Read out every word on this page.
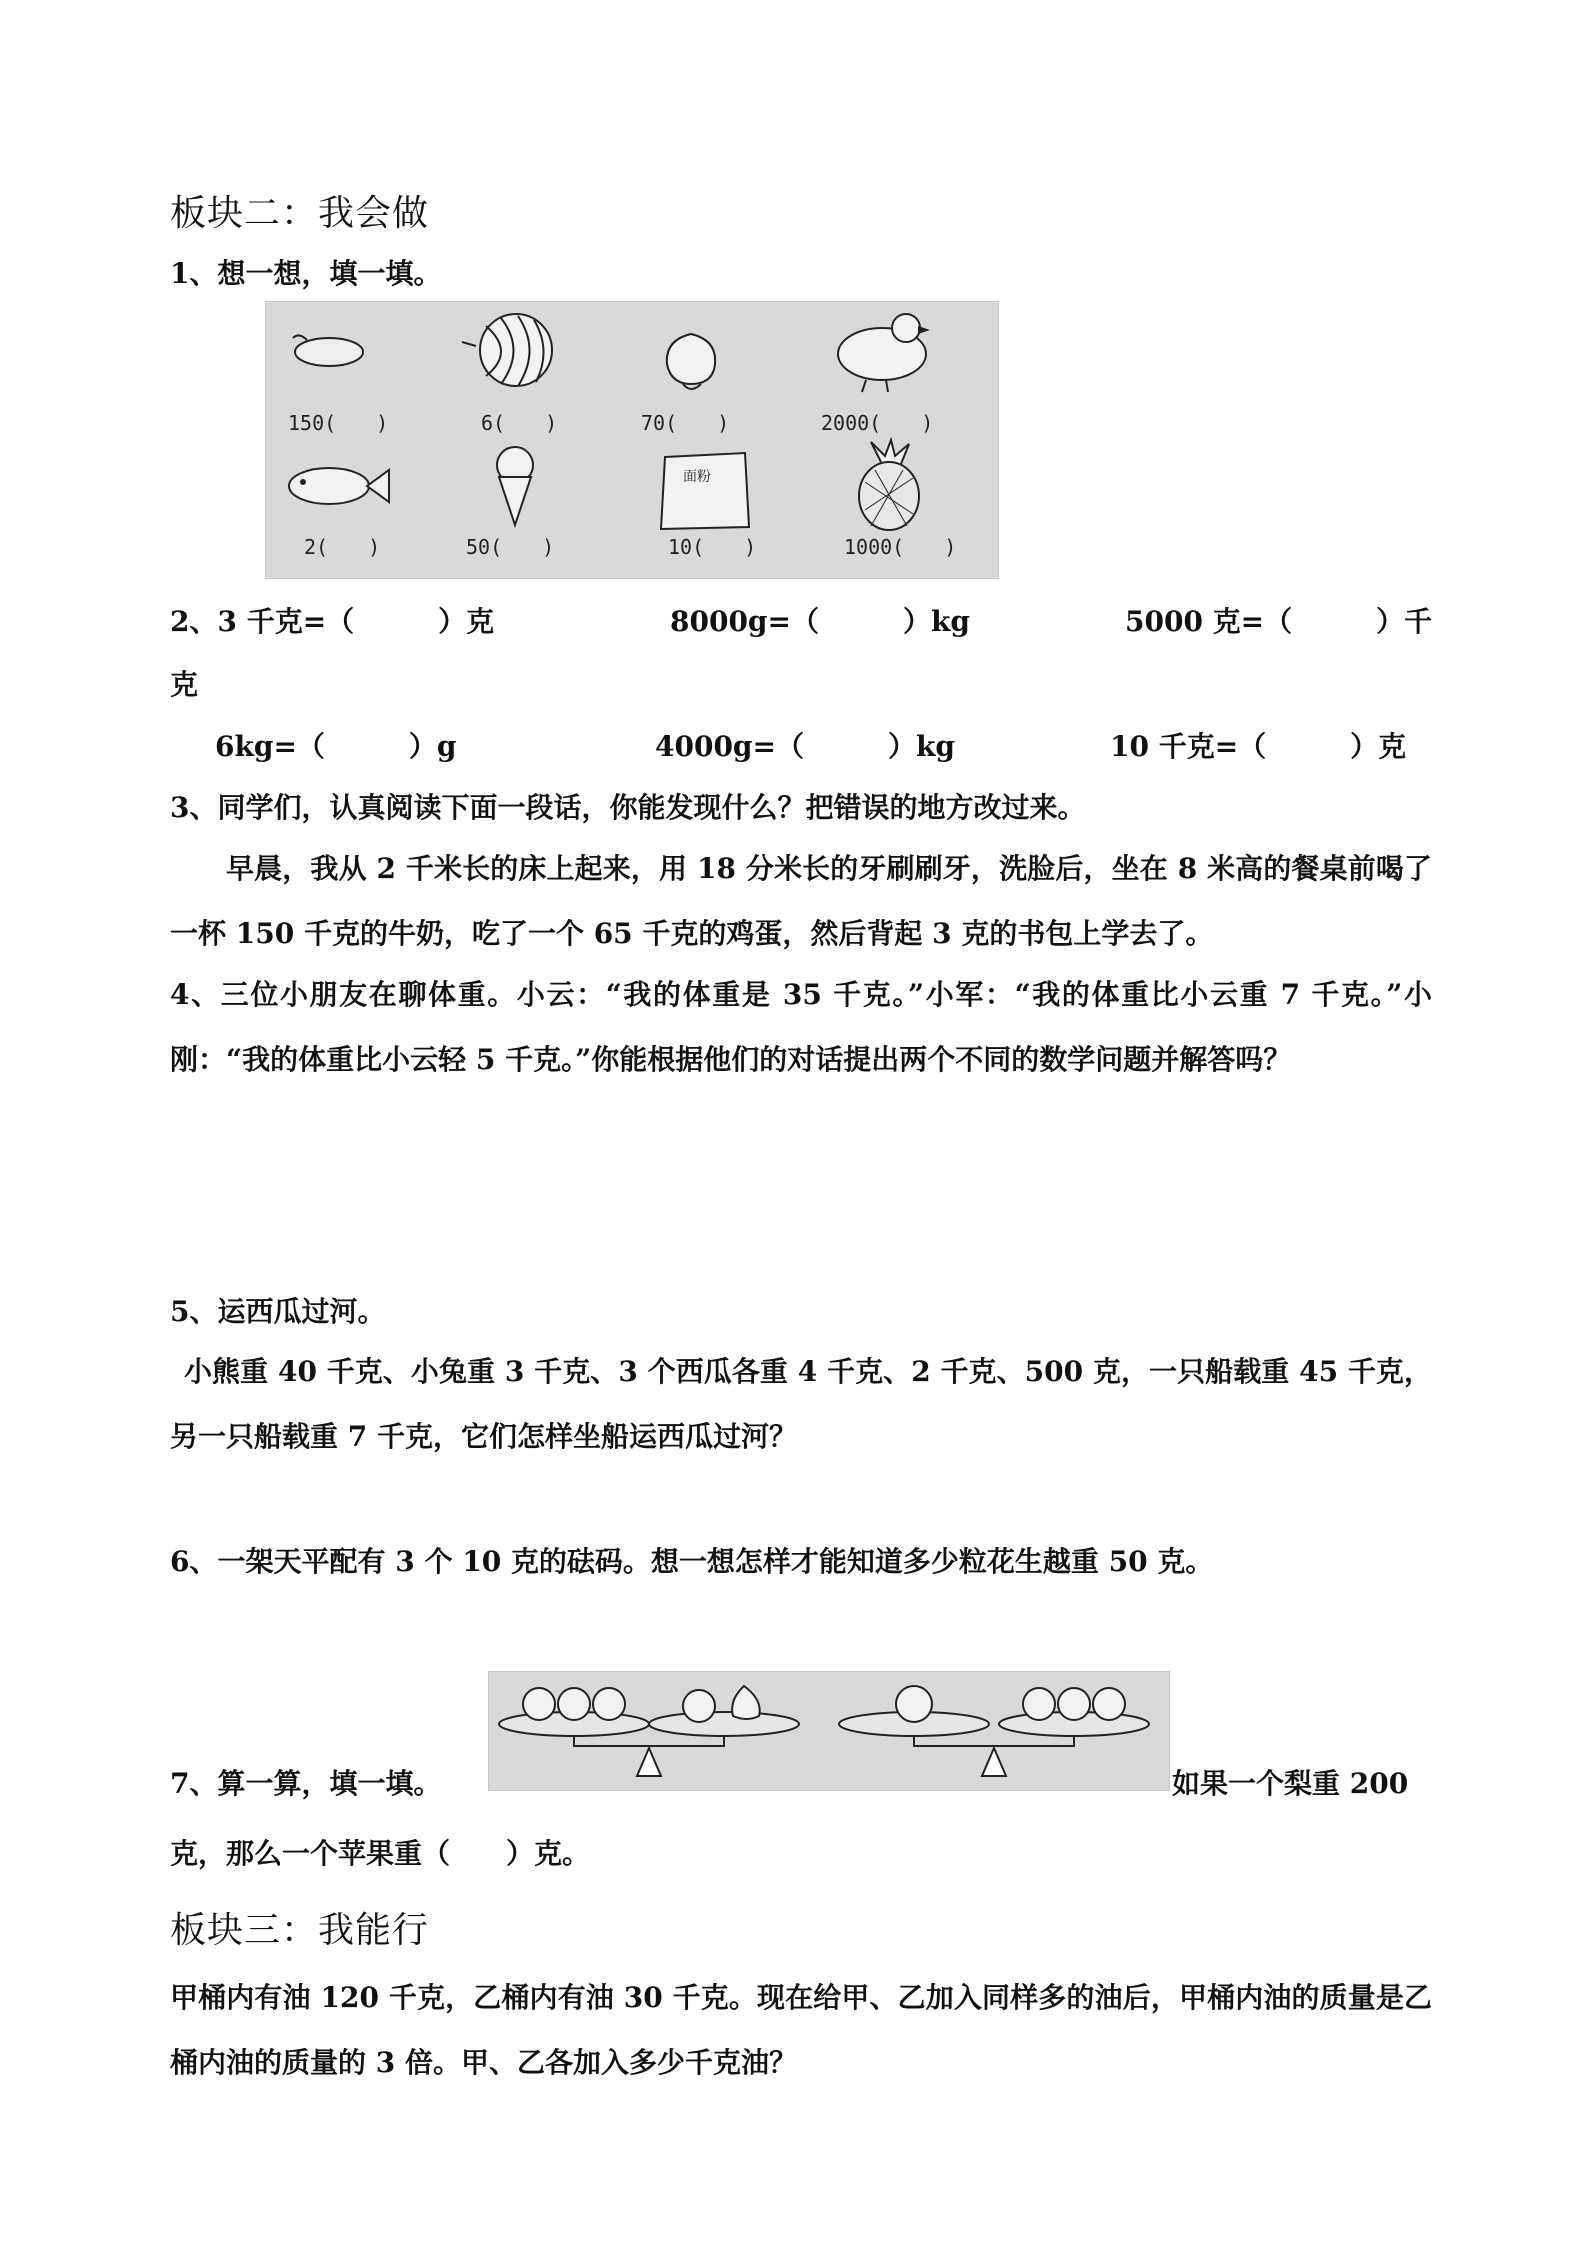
板块二：我会做
1、想一想，填一填。
150(　　)	6(　　)	70(　　)	2000(　　)
2(　　)	50(　　)
面粉
10(　　)	1000(　　)
2、3 千克=（　　　）克	8000g=（　　　）kg	5000 克=（　　　）千
克
6kg=（　　　）g	4000g=（　　　）kg	10 千克=（　　　）克
3、同学们，认真阅读下面一段话，你能发现什么？把错误的地方改过来。
早晨，我从 2 千米长的床上起来，用 18 分米长的牙刷刷牙，洗脸后，坐在 8 米高的餐桌前喝了一杯 150 千克的牛奶，吃了一个 65 千克的鸡蛋，然后背起 3 克的书包上学去了。
4、三位小朋友在聊体重。小云：“我的体重是 35 千克。”小军：“我的体重比小云重 7 千克。”小刚：“我的体重比小云轻 5 千克。”你能根据他们的对话提出两个不同的数学问题并解答吗？
5、运西瓜过河。
小熊重 40 千克、小兔重 3 千克、3 个西瓜各重 4 千克、2 千克、500 克，一只船载重 45 千克，另一只船载重 7 千克，它们怎样坐船运西瓜过河？
6、一架天平配有 3 个 10 克的砝码。想一想怎样才能知道多少粒花生越重 50 克。
7、算一算，填一填。	如果一个梨重 200
克，那么一个苹果重（　　）克。
板块三：我能行
甲桶内有油 120 千克，乙桶内有油 30 千克。现在给甲、乙加入同样多的油后，甲桶内油的质量是乙桶内油的质量的 3 倍。甲、乙各加入多少千克油？
